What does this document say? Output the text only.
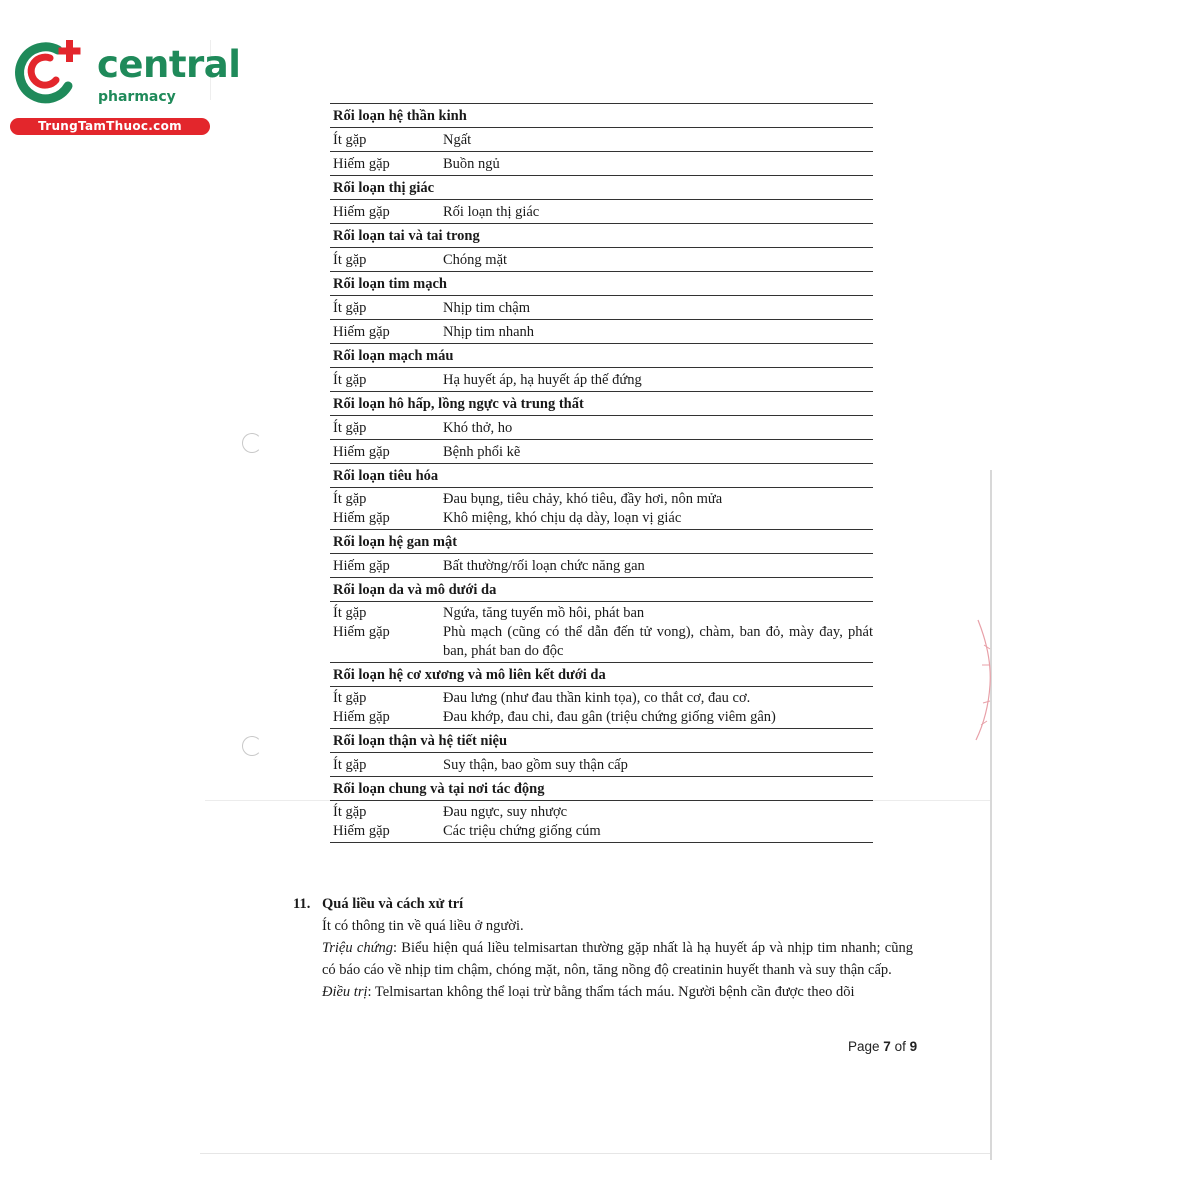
central
pharmacy
TrungTamThuoc.com
Rối loạn hệ thần kinh
Ít gặp	Ngất
Hiếm gặp	Buồn ngủ
Rối loạn thị giác
Hiếm gặp	Rối loạn thị giác
Rối loạn tai và tai trong
Ít gặp	Chóng mặt
Rối loạn tim mạch
Ít gặp	Nhịp tim chậm
Hiếm gặp	Nhịp tim nhanh
Rối loạn mạch máu
Ít gặp	Hạ huyết áp, hạ huyết áp thế đứng
Rối loạn hô hấp, lồng ngực và trung thất
Ít gặp	Khó thở, ho
Hiếm gặp	Bệnh phổi kẽ
Rối loạn tiêu hóa
Ít gặp	Đau bụng, tiêu chảy, khó tiêu, đầy hơi, nôn mửa
Hiếm gặp	Khô miệng, khó chịu dạ dày, loạn vị giác
Rối loạn hệ gan mật
Hiếm gặp	Bất thường/rối loạn chức năng gan
Rối loạn da và mô dưới da
Ít gặp	Ngứa, tăng tuyến mồ hôi, phát ban
Hiếm gặp	Phù mạch (cũng có thể dẫn đến tử vong), chàm, ban đỏ, mày đay, phát ban, phát ban do độc
Rối loạn hệ cơ xương và mô liên kết dưới da
Ít gặp	Đau lưng (như đau thần kinh tọa), co thắt cơ, đau cơ.
Hiếm gặp	Đau khớp, đau chi, đau gân (triệu chứng giống viêm gân)
Rối loạn thận và hệ tiết niệu
Ít gặp	Suy thận, bao gồm suy thận cấp
Rối loạn chung và tại nơi tác động
Ít gặp	Đau ngực, suy nhược
Hiếm gặp	Các triệu chứng giống cúm
11. Quá liều và cách xử trí
Ít có thông tin về quá liều ở người.
Triệu chứng: Biểu hiện quá liều telmisartan thường gặp nhất là hạ huyết áp và nhịp tim nhanh; cũng có báo cáo về nhịp tim chậm, chóng mặt, nôn, tăng nồng độ creatinin huyết thanh và suy thận cấp.
Điều trị: Telmisartan không thể loại trừ bằng thẩm tách máu. Người bệnh cần được theo dõi
Page 7 of 9
